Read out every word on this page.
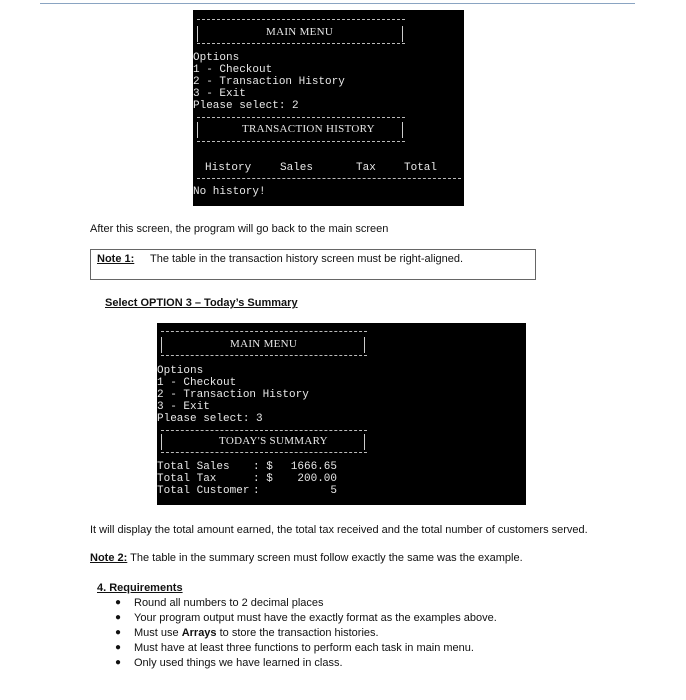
MAIN MENU
Options
1 - Checkout
2 - Transaction History
3 - Exit
Please select: 2
TRANSACTION HISTORY
History	Sales	Tax	Total
No history!
After this screen, the program will go back to the main screen
Note 1: The table in the transaction history screen must be right-aligned.
Select OPTION 3 – Today’s Summary
MAIN MENU
Options
1 - Checkout
2 - Transaction History
3 - Exit
Please select: 3
TODAY'S SUMMARY
Total Sales : $	1666.65
Total Tax	: $	200.00
Total Customer :	5
It will display the total amount earned, the total tax received and the total number of customers served.
Note 2: The table in the summary screen must follow exactly the same was the example.
4. Requirements
● Round all numbers to 2 decimal places
● Your program output must have the exactly format as the examples above.
● Must use Arrays to store the transaction histories.
● Must have at least three functions to perform each task in main menu.
● Only used things we have learned in class.
